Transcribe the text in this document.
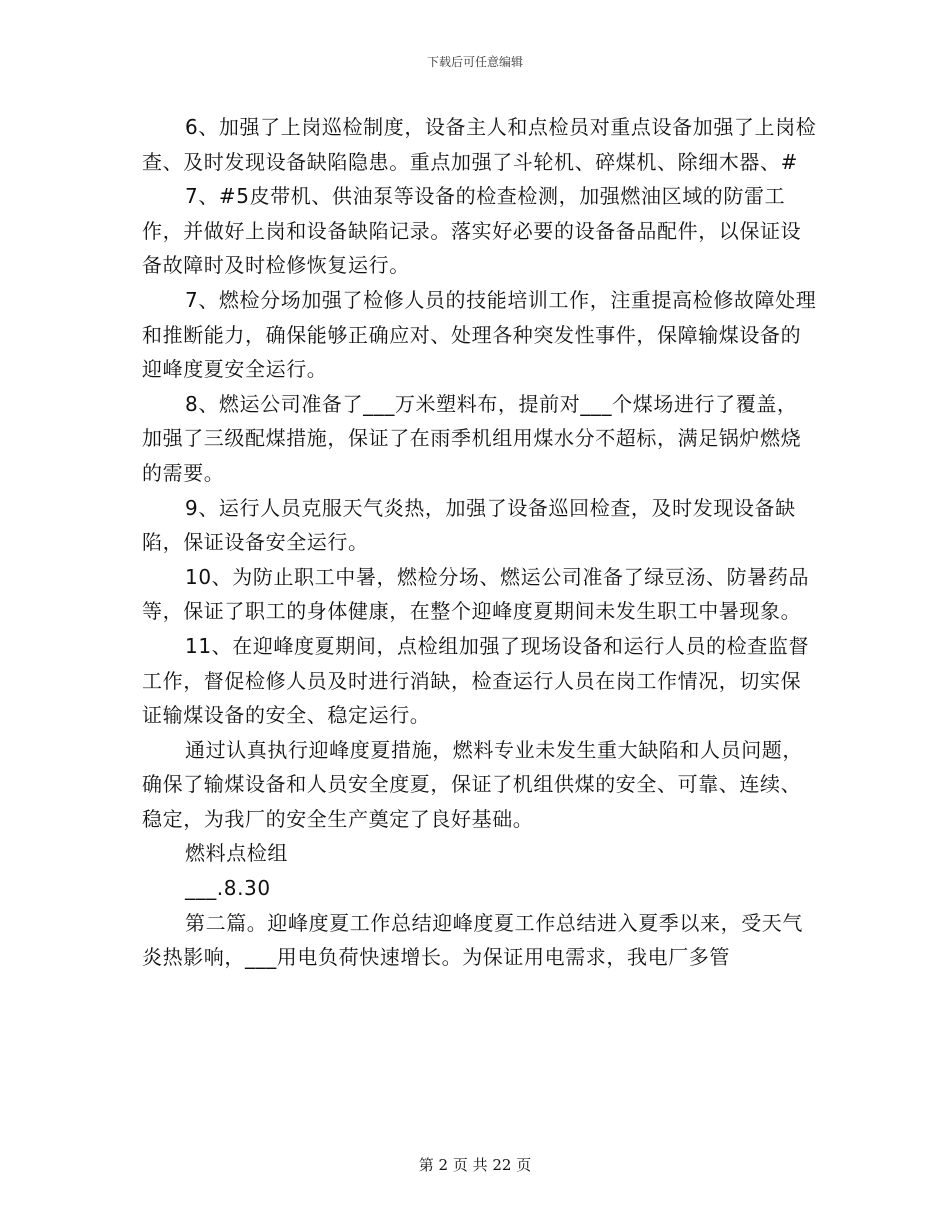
下载后可任意编辑

6、加强了上岗巡检制度，设备主人和点检员对重点设备加强了上岗检查、及时发现设备缺陷隐患。重点加强了斗轮机、碎煤机、除细木器、#

7、#5皮带机、供油泵等设备的检查检测，加强燃油区域的防雷工作，并做好上岗和设备缺陷记录。落实好必要的设备备品配件，以保证设备故障时及时检修恢复运行。

7、燃检分场加强了检修人员的技能培训工作，注重提高检修故障处理和推断能力，确保能够正确应对、处理各种突发性事件，保障输煤设备的迎峰度夏安全运行。

8、燃运公司准备了___万米塑料布，提前对___个煤场进行了覆盖，加强了三级配煤措施，保证了在雨季机组用煤水分不超标，满足锅炉燃烧的需要。

9、运行人员克服天气炎热，加强了设备巡回检查，及时发现设备缺陷，保证设备安全运行。

10、为防止职工中暑，燃检分场、燃运公司准备了绿豆汤、防暑药品等，保证了职工的身体健康，在整个迎峰度夏期间未发生职工中暑现象。

11、在迎峰度夏期间，点检组加强了现场设备和运行人员的检查监督工作，督促检修人员及时进行消缺，检查运行人员在岗工作情况，切实保证输煤设备的安全、稳定运行。

通过认真执行迎峰度夏措施，燃料专业未发生重大缺陷和人员问题，确保了输煤设备和人员安全度夏，保证了机组供煤的安全、可靠、连续、稳定，为我厂的安全生产奠定了良好基础。

燃料点检组

___.8.30

第二篇。迎峰度夏工作总结迎峰度夏工作总结进入夏季以来，受天气炎热影响，___用电负荷快速增长。为保证用电需求，我电厂多管

第 2 页 共 22 页
